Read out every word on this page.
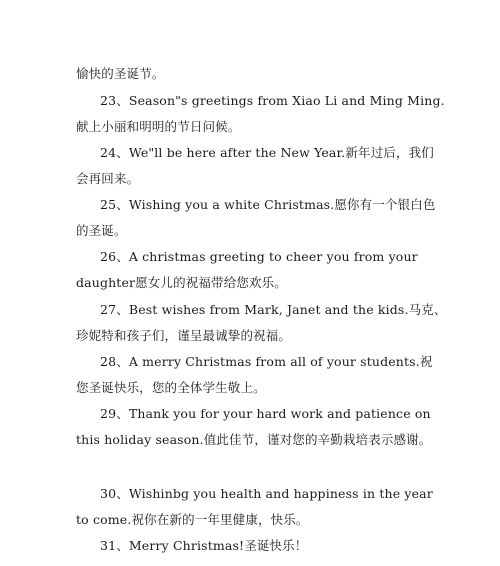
愉快的圣诞节。
23、Season"s greetings from Xiao Li and Ming Ming.
献上小丽和明明的节日问候。
24、We"ll be here after the New Year.新年过后，我们
会再回来。
25、Wishing you a white Christmas.愿你有一个银白色
的圣诞。
26、A christmas greeting to cheer you from your
daughter愿女儿的祝福带给您欢乐。
27、Best wishes from Mark, Janet and the kids.马克、
珍妮特和孩子们，谨呈最诚挚的祝福。
28、A merry Christmas from all of your students.祝
您圣诞快乐，您的全体学生敬上。
29、Thank you for your hard work and patience on
this holiday season.值此佳节，谨对您的辛勤栽培表示感谢。
30、Wishinbg you health and happiness in the year
to come.祝你在新的一年里健康，快乐。
31、Merry Christmas!圣诞快乐！
